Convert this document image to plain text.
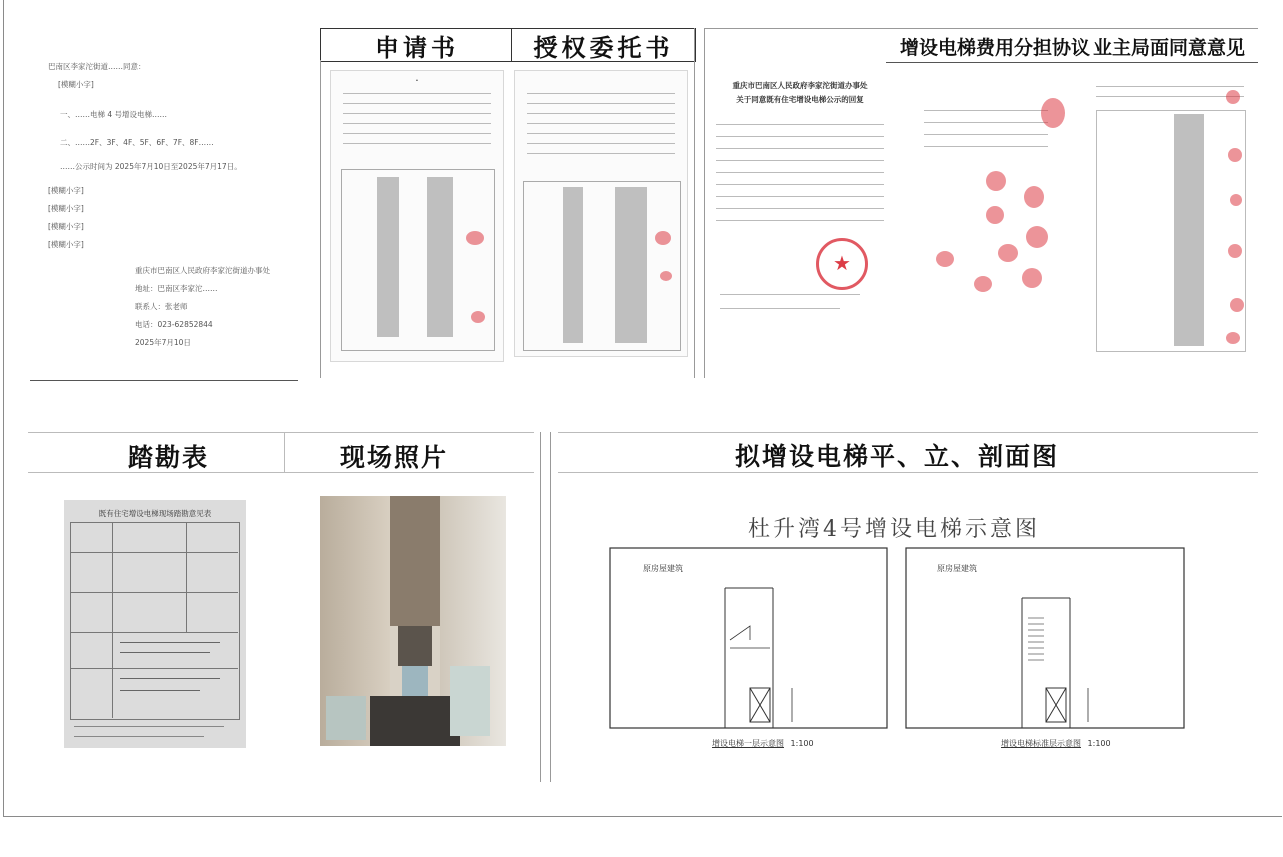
巴南区李家沱街道……同意：

[模糊小字]

一、……电梯 4 号增设电梯……

二、……2F、3F、4F、5F、6F、7F、8F……

……公示时间为 2025年7月10日至2025年7月17日。

[模糊小字]

[模糊小字]

[模糊小字]

[模糊小字]

重庆市巴南区人民政府李家沱街道办事处

地址：巴南区李家沱……

联系人：张老师

电话：023-62852844

2025年7月10日

申请书	授权委托书
·
增设电梯费用分担协议 业主局面同意意见
重庆市巴南区人民政府李家沱街道办事处
关于同意既有住宅增设电梯公示的回复
★
踏勘表	现场照片	拟增设电梯平、立、剖面图
既有住宅增设电梯现场踏勘意见表
杜升湾4号增设电梯示意图
原房屋建筑	原房屋建筑
增设电梯一层示意图 1:100	增设电梯标准层示意图 1:100
